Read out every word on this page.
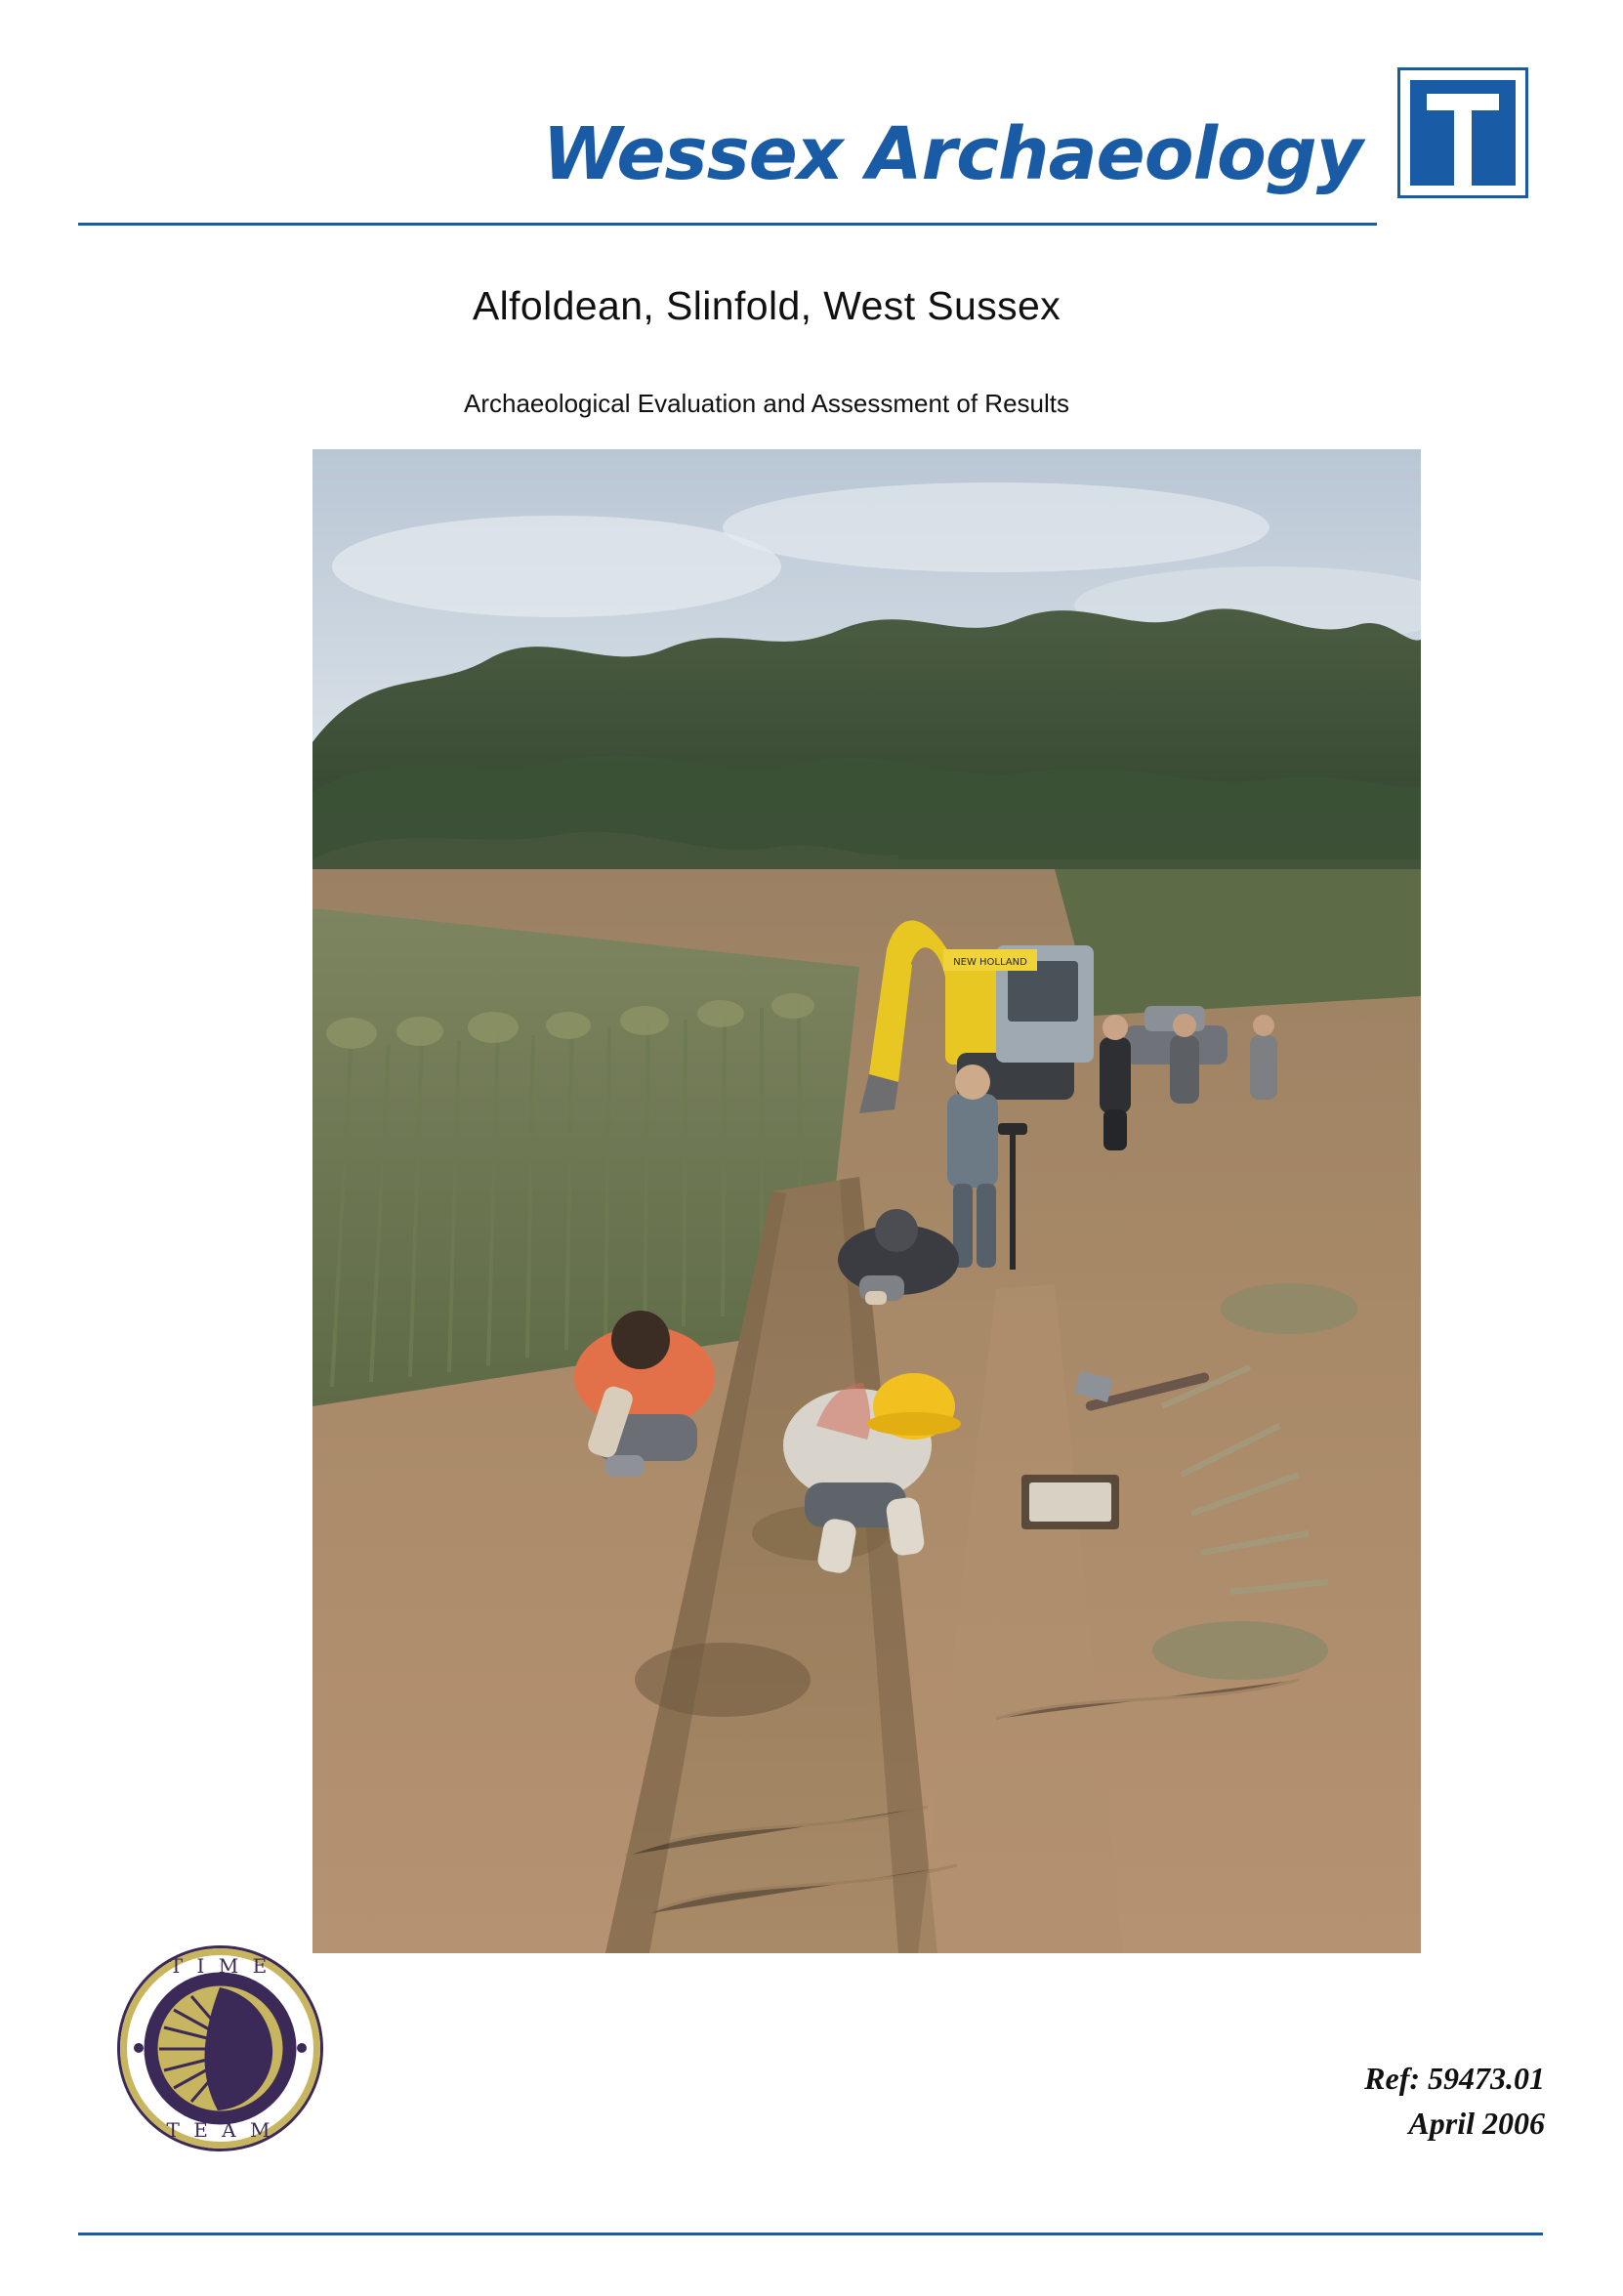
Wessex Archaeology
Alfoldean, Slinfold, West Sussex
Archaeological Evaluation and Assessment of Results
NEW HOLLAND
T I M E
T E A M
Ref: 59473.01
April 2006
